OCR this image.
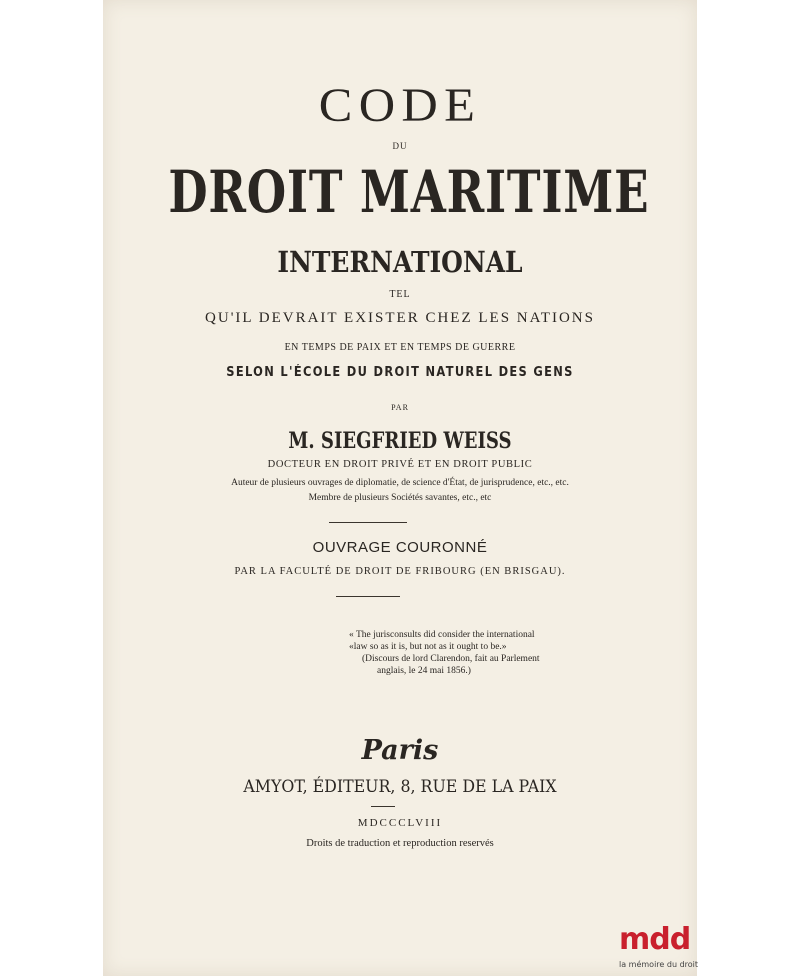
CODE
DU
DROIT MARITIME
INTERNATIONAL
TEL
QU'IL DEVRAIT EXISTER CHEZ LES NATIONS
EN TEMPS DE PAIX ET EN TEMPS DE GUERRE
SELON L'ÉCOLE DU DROIT NATUREL DES GENS
PAR
M. SIEGFRIED WEISS
DOCTEUR EN DROIT PRIVÉ ET EN DROIT PUBLIC
Auteur de plusieurs ouvrages de diplomatie, de science d'État, de jurisprudence, etc., etc.
Membre de plusieurs Sociétés savantes, etc., etc
OUVRAGE COURONNÉ
PAR LA FACULTÉ DE DROIT DE FRIBOURG (EN BRISGAU).
« The jurisconsults did consider the international
«law so as it is, but not as it ought to be.»
(Discours de lord Clarendon, fait au Parlement
anglais, le 24 mai 1856.)
Paris
AMYOT, ÉDITEUR, 8, RUE DE LA PAIX
MDCCCLVIII
Droits de traduction et reproduction reservés
mdd
la mémoire du droit
